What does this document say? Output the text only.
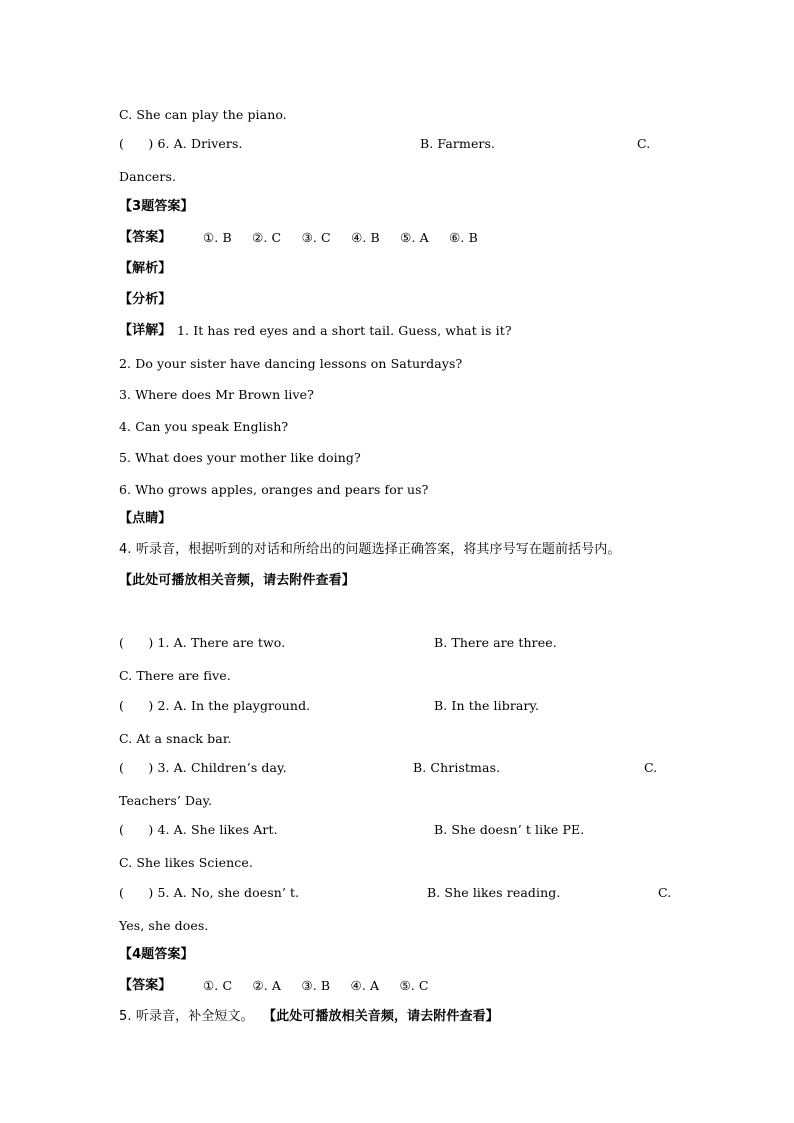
C. She can play the piano.

(      ) 6. A. Drivers.

	B. Farmers.

	C.

Dancers.
【3题答案】

【答案】

	①. B     ②. C     ③. C     ④. B     ⑤. A     ⑥. B

【解析】
【分析】

【详解】

1. It has red eyes and a short tail. Guess, what is it?

2. Do your sister have dancing lessons on Saturdays?
3. Where does Mr Brown live?
4. Can you speak English?
5. What does your mother like doing?
6. Who grows apples, oranges and pears for us?
【点睛】
4. 听录音，根据听到的对话和所给出的问题选择正确答案，将其序号写在题前括号内。
【此处可播放相关音频，请去附件查看】

(      ) 1. A. There are two.

	B. There are three.

C. There are five.

(      ) 2. A. In the playground.

	B. In the library.

C. At a snack bar.

(      ) 3. A. Children’s day.

	B. Christmas.

	C.

Teachers’ Day.

(      ) 4. A. She likes Art.

	B. She doesn’ t like PE.

C. She likes Science.

(      ) 5. A. No, she doesn’ t.

	B. She likes reading.

	C.

Yes, she does.
【4题答案】

【答案】

	①. C     ②. A     ③. B     ④. A     ⑤. C

5. 听录音，补全短文。

【此处可播放相关音频，请去附件查看】
